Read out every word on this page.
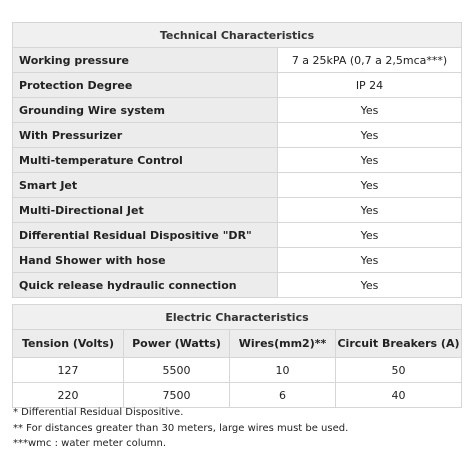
Technical Characteristics	
Working pressure	7 a 25kPA (0,7 a 2,5mca***)
Protection Degree	IP 24
Grounding Wire system	Yes
With Pressurizer	Yes
Multi-temperature Control	Yes
Smart Jet	Yes
Multi-Directional Jet	Yes
Differential Residual Dispositive "DR"	Yes
Hand Shower with hose	Yes
Quick release hydraulic connection	Yes
Electric Characteristics			
Tension (Volts)	Power (Watts)	Wires(mm2)**	Circuit Breakers (A)
127	5500	10	50
220	7500	6	40
* Differential Residual Dispositive.
** For distances greater than 30 meters, large wires must be used.
***wmc : water meter column.
